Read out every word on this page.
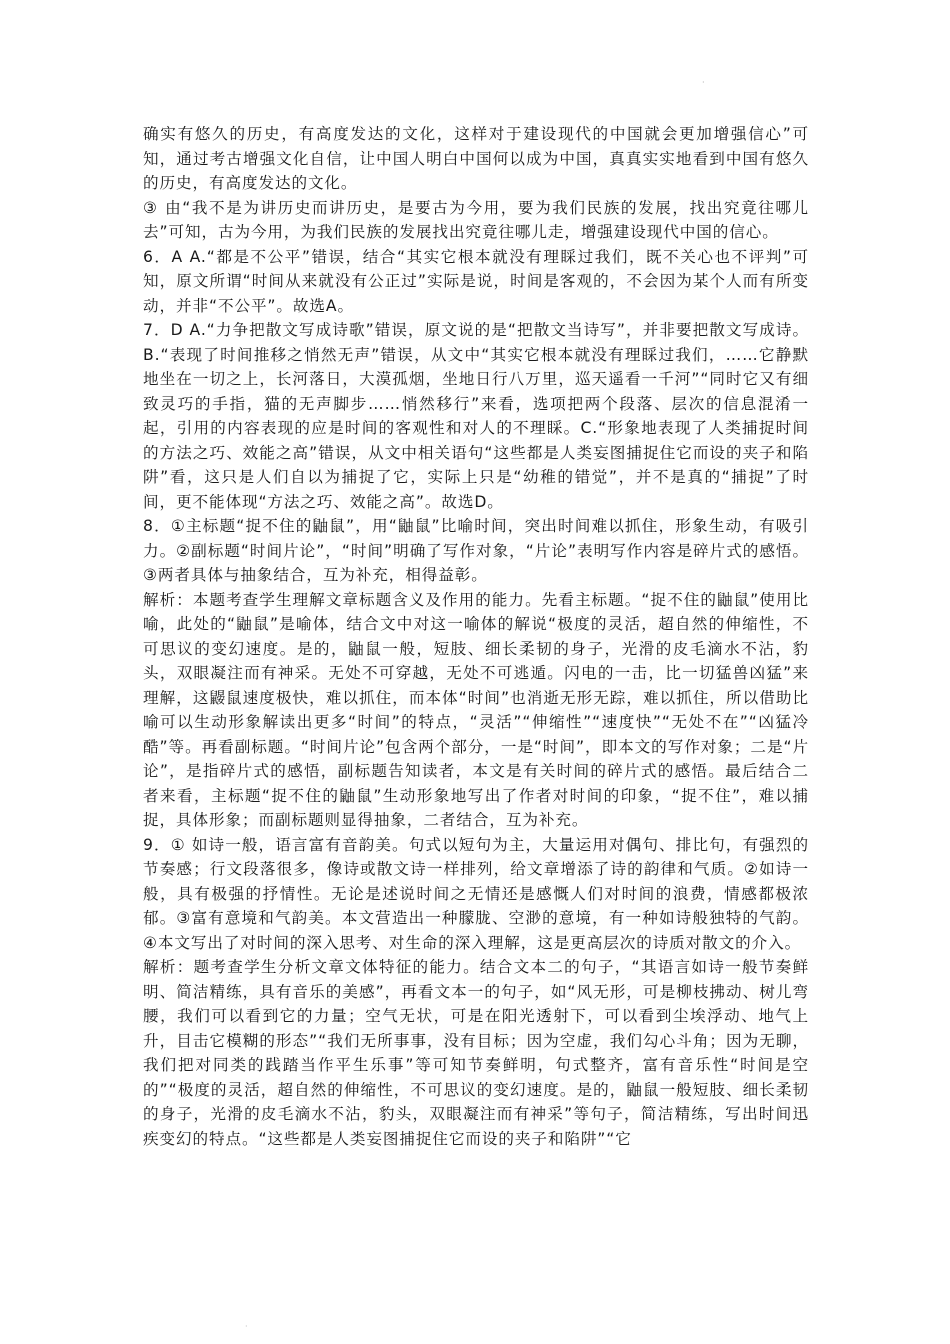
·

确实有悠久的历史，有高度发达的文化，这样对于建设现代的中国就会更加增强信心”可知，通过考古增强文化自信，让中国人明白中国何以成为中国，真真实实地看到中国有悠久的历史，有高度发达的文化。

③ 由“我不是为讲历史而讲历史，是要古为今用，要为我们民族的发展，找出究竟往哪儿去”可知，古为今用，为我们民族的发展找出究竟往哪儿走，增强建设现代中国的信心。

6．A A.“都是不公平”错误，结合“其实它根本就没有理睬过我们，既不关心也不评判”可知，原文所谓“时间从来就没有公正过”实际是说，时间是客观的，不会因为某个人而有所变动，并非“不公平”。故选A。

7．D A.“力争把散文写成诗歌”错误，原文说的是“把散文当诗写”，并非要把散文写成诗。B.“表现了时间推移之悄然无声”错误，从文中“其实它根本就没有理睬过我们，……它静默地坐在一切之上，长河落日，大漠孤烟，坐地日行八万里，巡天遥看一千河”“同时它又有细致灵巧的手指，猫的无声脚步……悄然移行”来看，选项把两个段落、层次的信息混淆一起，引用的内容表现的应是时间的客观性和对人的不理睬。C.“形象地表现了人类捕捉时间的方法之巧、效能之高”错误，从文中相关语句“这些都是人类妄图捕捉住它而设的夹子和陷阱”看，这只是人们自以为捕捉了它，实际上只是“幼稚的错觉”，并不是真的“捕捉”了时间，更不能体现“方法之巧、效能之高”。故选D。

8．①主标题“捉不住的鼬鼠”，用“鼬鼠”比喻时间，突出时间难以抓住，形象生动，有吸引力。②副标题“时间片论”，“时间”明确了写作对象，“片论”表明写作内容是碎片式的感悟。③两者具体与抽象结合，互为补充，相得益彰。

解析：本题考查学生理解文章标题含义及作用的能力。先看主标题。“捉不住的鼬鼠”使用比喻，此处的“鼬鼠”是喻体，结合文中对这一喻体的解说“极度的灵活，超自然的伸缩性，不可思议的变幻速度。是的，鼬鼠一般，短肢、细长柔韧的身子，光滑的皮毛滴水不沾，豹头，双眼凝注而有神采。无处不可穿越，无处不可逃遁。闪电的一击，比一切猛兽凶猛”来理解，这鼹鼠速度极快，难以抓住，而本体“时间”也消逝无形无踪，难以抓住，所以借助比喻可以生动形象解读出更多“时间”的特点，“灵活”“伸缩性”“速度快”“无处不在”“凶猛冷酷”等。再看副标题。“时间片论”包含两个部分，一是“时间”，即本文的写作对象；二是“片论”，是指碎片式的感悟，副标题告知读者，本文是有关时间的碎片式的感悟。最后结合二者来看，主标题“捉不住的鼬鼠”生动形象地写出了作者对时间的印象，“捉不住”，难以捕捉，具体形象；而副标题则显得抽象，二者结合，互为补充。

9．① 如诗一般，语言富有音韵美。句式以短句为主，大量运用对偶句、排比句，有强烈的节奏感；行文段落很多，像诗或散文诗一样排列，给文章增添了诗的韵律和气质。②如诗一般，具有极强的抒情性。无论是述说时间之无情还是感慨人们对时间的浪费，情感都极浓郁。③富有意境和气韵美。本文营造出一种朦胧、空渺的意境，有一种如诗般独特的气韵。④本文写出了对时间的深入思考、对生命的深入理解，这是更高层次的诗质对散文的介入。

解析：题考查学生分析文章文体特征的能力。结合文本二的句子，“其语言如诗一般节奏鲜明、简洁精练，具有音乐的美感”，再看文本一的句子，如“风无形，可是柳枝拂动、树儿弯腰，我们可以看到它的力量；空气无状，可是在阳光透射下，可以看到尘埃浮动、地气上升，目击它模糊的形态”“我们无所事事，没有目标；因为空虚，我们勾心斗角；因为无聊，我们把对同类的践踏当作平生乐事”等可知节奏鲜明，句式整齐，富有音乐性“时间是空的”“极度的灵活，超自然的伸缩性，不可思议的变幻速度。是的，鼬鼠一般短肢、细长柔韧的身子，光滑的皮毛滴水不沾，豹头，双眼凝注而有神采”等句子，简洁精练，写出时间迅疾变幻的特点。“这些都是人类妄图捕捉住它而设的夹子和陷阱”“它

·
